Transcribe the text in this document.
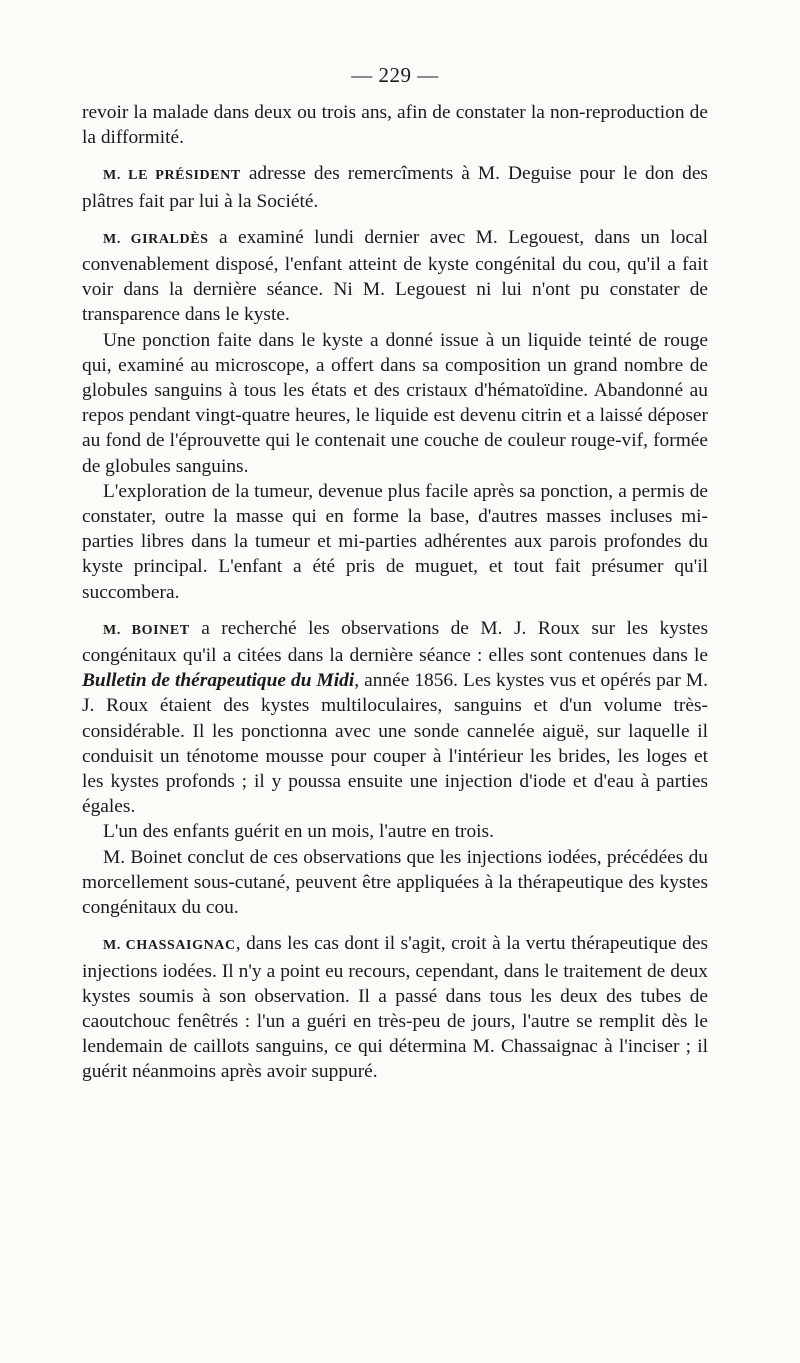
— 229 —

revoir la malade dans deux ou trois ans, afin de constater la non-reproduction de la difformité.

M. LE PRÉSIDENT adresse des remercîments à M. Deguise pour le don des plâtres fait par lui à la Société.

M. GIRALDÈS a examiné lundi dernier avec M. Legouest, dans un local convenablement disposé, l'enfant atteint de kyste congénital du cou, qu'il a fait voir dans la dernière séance. Ni M. Legouest ni lui n'ont pu constater de transparence dans le kyste.

Une ponction faite dans le kyste a donné issue à un liquide teinté de rouge qui, examiné au microscope, a offert dans sa composition un grand nombre de globules sanguins à tous les états et des cristaux d'hématoïdine. Abandonné au repos pendant vingt-quatre heures, le liquide est devenu citrin et a laissé déposer au fond de l'éprouvette qui le contenait une couche de couleur rouge-vif, formée de globules sanguins.

L'exploration de la tumeur, devenue plus facile après sa ponction, a permis de constater, outre la masse qui en forme la base, d'autres masses incluses mi-parties libres dans la tumeur et mi-parties adhérentes aux parois profondes du kyste principal. L'enfant a été pris de muguet, et tout fait présumer qu'il succombera.

M. BOINET a recherché les observations de M. J. Roux sur les kystes congénitaux qu'il a citées dans la dernière séance : elles sont contenues dans le Bulletin de thérapeutique du Midi, année 1856. Les kystes vus et opérés par M. J. Roux étaient des kystes multiloculaires, sanguins et d'un volume très-considérable. Il les ponctionna avec une sonde cannelée aiguë, sur laquelle il conduisit un ténotome mousse pour couper à l'intérieur les brides, les loges et les kystes profonds ; il y poussa ensuite une injection d'iode et d'eau à parties égales.

L'un des enfants guérit en un mois, l'autre en trois.

M. Boinet conclut de ces observations que les injections iodées, précédées du morcellement sous-cutané, peuvent être appliquées à la thérapeutique des kystes congénitaux du cou.

M. CHASSAIGNAC, dans les cas dont il s'agit, croit à la vertu thérapeutique des injections iodées. Il n'y a point eu recours, cependant, dans le traitement de deux kystes soumis à son observation. Il a passé dans tous les deux des tubes de caoutchouc fenêtrés : l'un a guéri en très-peu de jours, l'autre se remplit dès le lendemain de caillots sanguins, ce qui détermina M. Chassaignac à l'inciser ; il guérit néanmoins après avoir suppuré.
